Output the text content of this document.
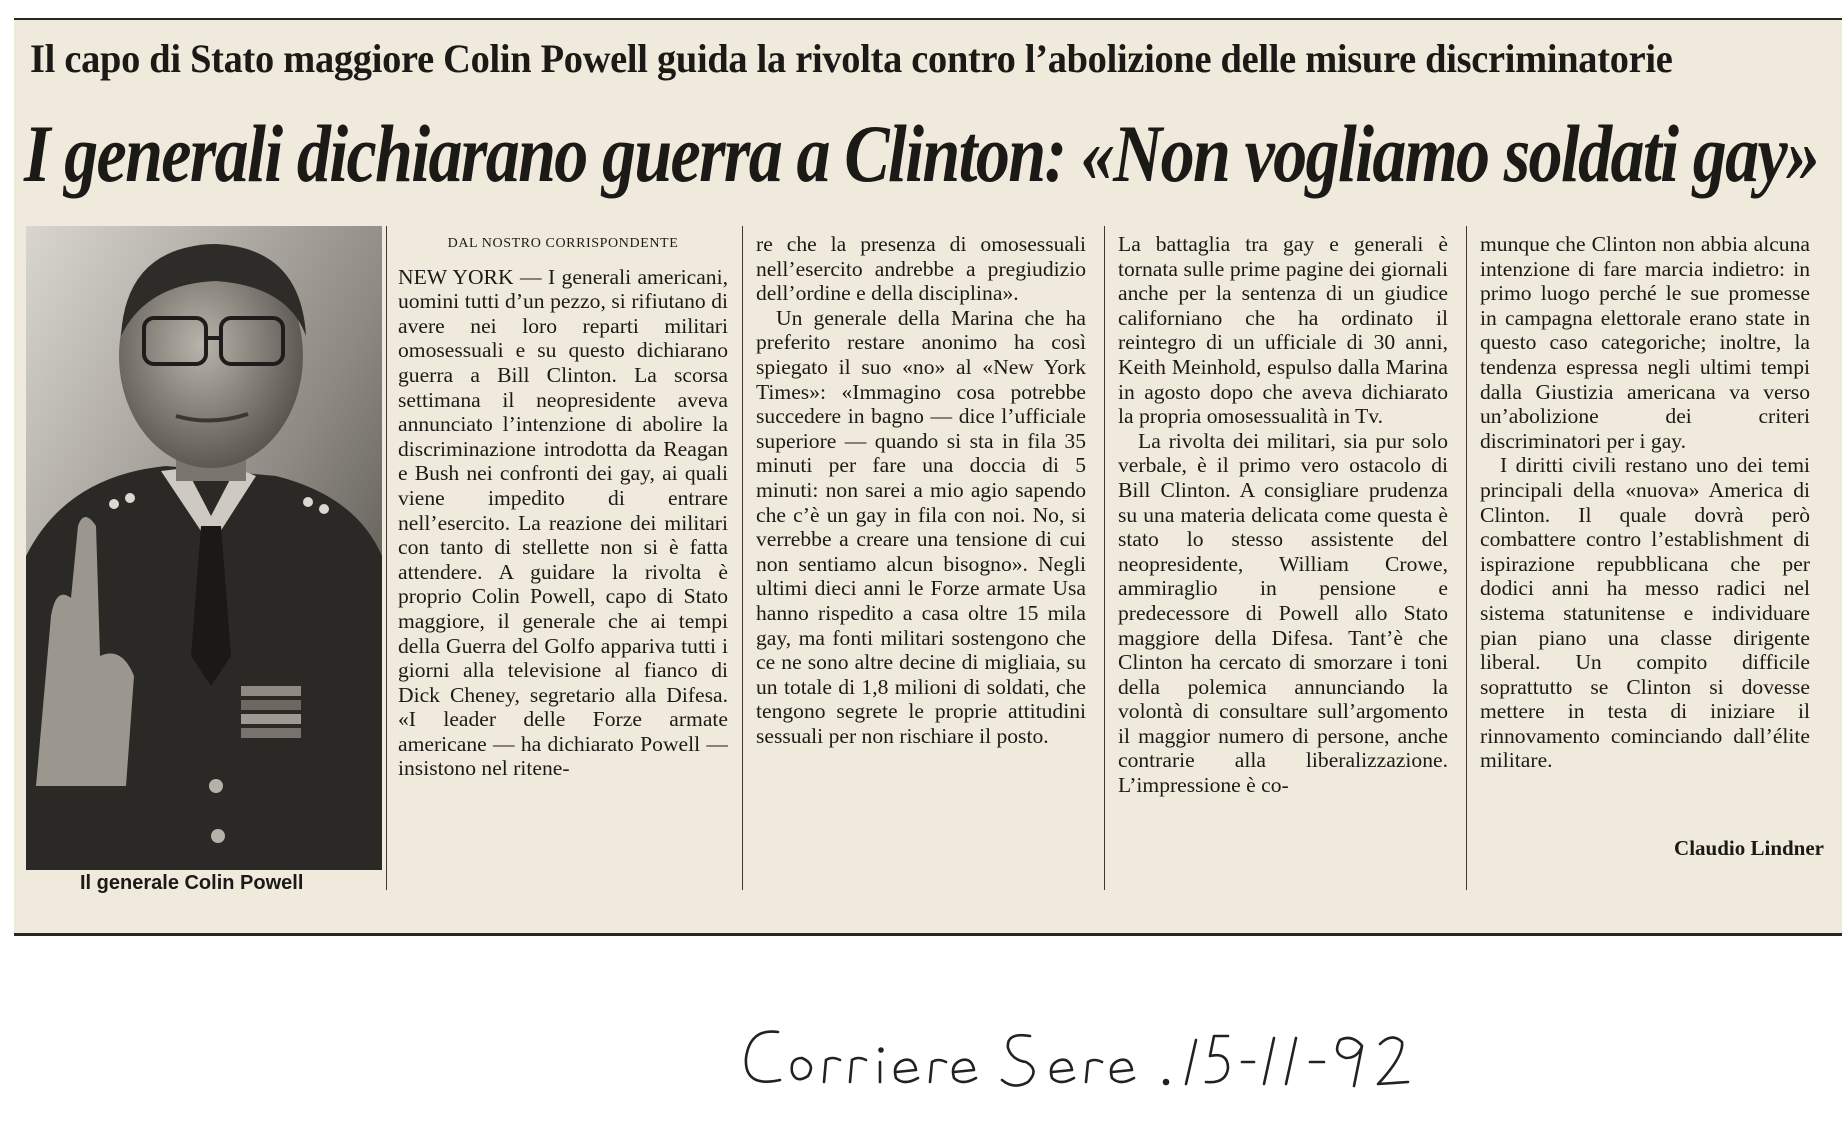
Il capo di Stato maggiore Colin Powell guida la rivolta contro l’abolizione delle misure discriminatorie
I generali dichiarano guerra a Clinton: «Non vogliamo soldati gay»
Il generale Colin Powell
DAL NOSTRO CORRISPONDENTE

NEW YORK — I generali americani, uomini tutti d’un pezzo, si rifiutano di avere nei loro reparti militari omosessuali e su questo dichiarano guerra a Bill Clinton. La scorsa settimana il neopresidente aveva annunciato l’intenzione di abolire la discriminazione introdotta da Reagan e Bush nei confronti dei gay, ai quali viene impedito di entrare nell’esercito. La reazione dei militari con tanto di stellette non si è fatta attendere. A guidare la rivolta è proprio Colin Powell, capo di Stato maggiore, il generale che ai tempi della Guerra del Golfo appariva tutti i giorni alla televisione al fianco di Dick Cheney, segretario alla Difesa. «I leader delle Forze armate americane — ha dichiarato Powell — insistono nel ritene-

re che la presenza di omosessuali nell’esercito andrebbe a pregiudizio dell’ordine e della disciplina».

Un generale della Marina che ha preferito restare anonimo ha così spiegato il suo «no» al «New York Times»: «Immagino cosa potrebbe succedere in bagno — dice l’ufficiale superiore — quando si sta in fila 35 minuti per fare una doccia di 5 minuti: non sarei a mio agio sapendo che c’è un gay in fila con noi. No, si verrebbe a creare una tensione di cui non sentiamo alcun bisogno». Negli ultimi dieci anni le Forze armate Usa hanno rispedito a casa oltre 15 mila gay, ma fonti militari sostengono che ce ne sono altre decine di migliaia, su un totale di 1,8 milioni di soldati, che tengono segrete le proprie attitudini sessuali per non rischiare il posto.

La battaglia tra gay e generali è tornata sulle prime pagine dei giornali anche per la sentenza di un giudice californiano che ha ordinato il reintegro di un ufficiale di 30 anni, Keith Meinhold, espulso dalla Marina in agosto dopo che aveva dichiarato la propria omosessualità in Tv.

La rivolta dei militari, sia pur solo verbale, è il primo vero ostacolo di Bill Clinton. A consigliare prudenza su una materia delicata come questa è stato lo stesso assistente del neopresidente, William Crowe, ammiraglio in pensione e predecessore di Powell allo Stato maggiore della Difesa. Tant’è che Clinton ha cercato di smorzare i toni della polemica annunciando la volontà di consultare sull’argomento il maggior numero di persone, anche contrarie alla liberalizzazione. L’impressione è co-

munque che Clinton non abbia alcuna intenzione di fare marcia indietro: in primo luogo perché le sue promesse in campagna elettorale erano state in questo caso categoriche; inoltre, la tendenza espressa negli ultimi tempi dalla Giustizia americana va verso un’abolizione dei criteri discriminatori per i gay.

I diritti civili restano uno dei temi principali della «nuova» America di Clinton. Il quale dovrà però combattere contro l’establishment di ispirazione repubblicana che per dodici anni ha messo radici nel sistema statunitense e individuare pian piano una classe dirigente liberal. Un compito difficile soprattutto se Clinton si dovesse mettere in testa di iniziare il rinnovamento cominciando dall’élite militare.

Claudio Lindner
